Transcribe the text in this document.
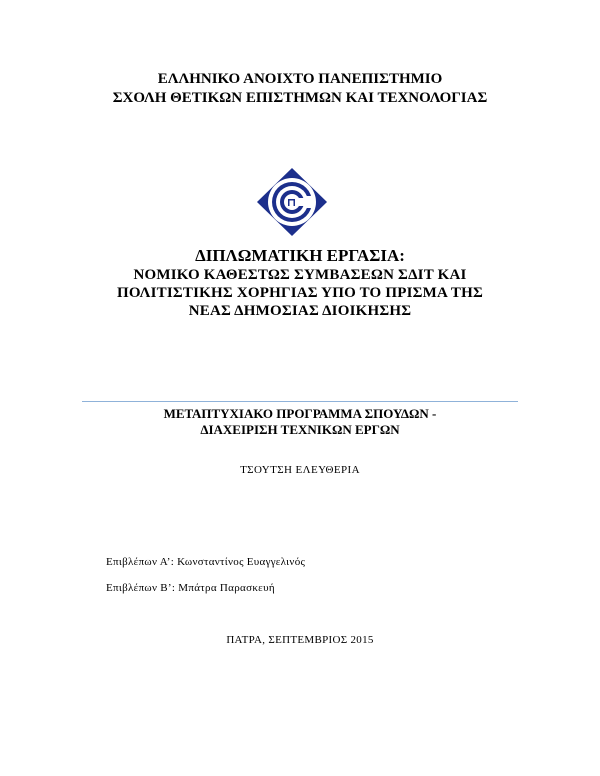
ΕΛΛΗΝΙΚΟ ΑΝΟΙΧΤΟ ΠΑΝΕΠΙΣΤΗΜΙΟ
ΣΧΟΛΗ ΘΕΤΙΚΩΝ ΕΠΙΣΤΗΜΩΝ ΚΑΙ ΤΕΧΝΟΛΟΓΙΑΣ
ΔΙΠΛΩΜΑΤΙΚΗ ΕΡΓΑΣΙΑ:
ΝΟΜΙΚΟ ΚΑΘΕΣΤΩΣ ΣΥΜΒΑΣΕΩΝ ΣΔΙΤ ΚΑΙ
ΠΟΛΙΤΙΣΤΙΚΗΣ ΧΟΡΗΓΙΑΣ ΥΠΟ ΤΟ ΠΡΙΣΜΑ ΤΗΣ
ΝΕΑΣ ΔΗΜΟΣΙΑΣ ΔΙΟΙΚΗΣΗΣ
ΜΕΤΑΠΤΥΧΙΑΚΟ ΠΡΟΓΡΑΜΜΑ ΣΠΟΥΔΩΝ -
ΔΙΑΧΕΙΡΙΣΗ ΤΕΧΝΙΚΩΝ ΕΡΓΩΝ
ΤΣΟΥΤΣΗ ΕΛΕΥΘΕΡΙΑ
Επιβλέπων Α’: Κωνσταντίνος Ευαγγελινός
Επιβλέπων Β’: Μπάτρα Παρασκευή
ΠΑΤΡΑ, ΣΕΠΤΕΜΒΡΙΟΣ 2015
